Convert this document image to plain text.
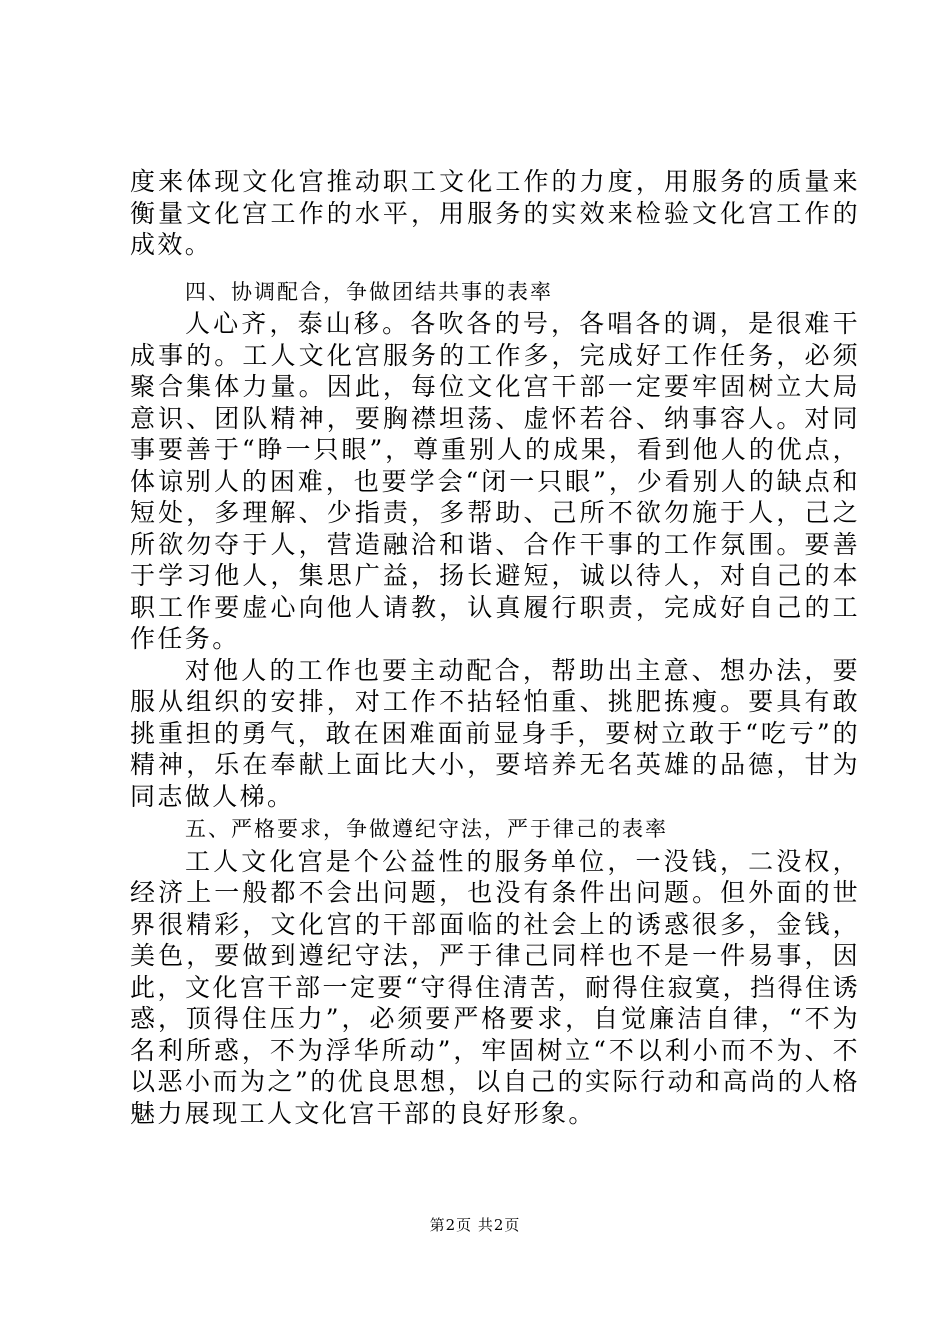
度来体现文化宫推动职工文化工作的力度，用服务的质量来衡量文化宫工作的水平，用服务的实效来检验文化宫工作的成效。

四、协调配合，争做团结共事的表率

人心齐，泰山移。各吹各的号，各唱各的调，是很难干成事的。工人文化宫服务的工作多，完成好工作任务，必须聚合集体力量。因此，每位文化宫干部一定要牢固树立大局意识、团队精神，要胸襟坦荡、虚怀若谷、纳事容人。对同事要善于“睁一只眼”，尊重别人的成果，看到他人的优点，体谅别人的困难，也要学会“闭一只眼”，少看别人的缺点和短处，多理解、少指责，多帮助、己所不欲勿施于人，己之所欲勿夺于人，营造融洽和谐、合作干事的工作氛围。要善于学习他人，集思广益，扬长避短，诚以待人，对自己的本职工作要虚心向他人请教，认真履行职责，完成好自己的工作任务。

对他人的工作也要主动配合，帮助出主意、想办法，要服从组织的安排，对工作不拈轻怕重、挑肥拣瘦。要具有敢挑重担的勇气，敢在困难面前显身手，要树立敢于“吃亏”的精神，乐在奉献上面比大小，要培养无名英雄的品德，甘为同志做人梯。

五、严格要求，争做遵纪守法，严于律己的表率

工人文化宫是个公益性的服务单位，一没钱，二没权，经济上一般都不会出问题，也没有条件出问题。但外面的世界很精彩，文化宫的干部面临的社会上的诱惑很多，金钱，美色，要做到遵纪守法，严于律己同样也不是一件易事，因此，文化宫干部一定要“守得住清苦，耐得住寂寞，挡得住诱惑，顶得住压力”，必须要严格要求，自觉廉洁自律，“不为名利所惑，不为浮华所动”，牢固树立“不以利小而不为、不以恶小而为之”的优良思想，以自己的实际行动和高尚的人格魅力展现工人文化宫干部的良好形象。

第2页 共2页
